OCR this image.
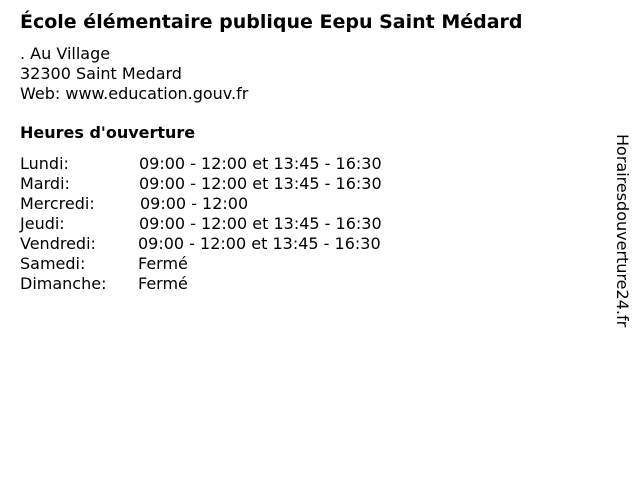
École élémentaire publique Eepu Saint Médard
. Au Village
32300 Saint Medard
Web: www.education.gouv.fr
Heures d'ouverture
Lundi:	09:00 - 12:00 et 13:45 - 16:30
Mardi:	09:00 - 12:00 et 13:45 - 16:30
Mercredi:	09:00 - 12:00
Jeudi:	09:00 - 12:00 et 13:45 - 16:30
Vendredi:	09:00 - 12:00 et 13:45 - 16:30
Samedi:	Fermé
Dimanche: Fermé	Horairesdouverture24.fr
